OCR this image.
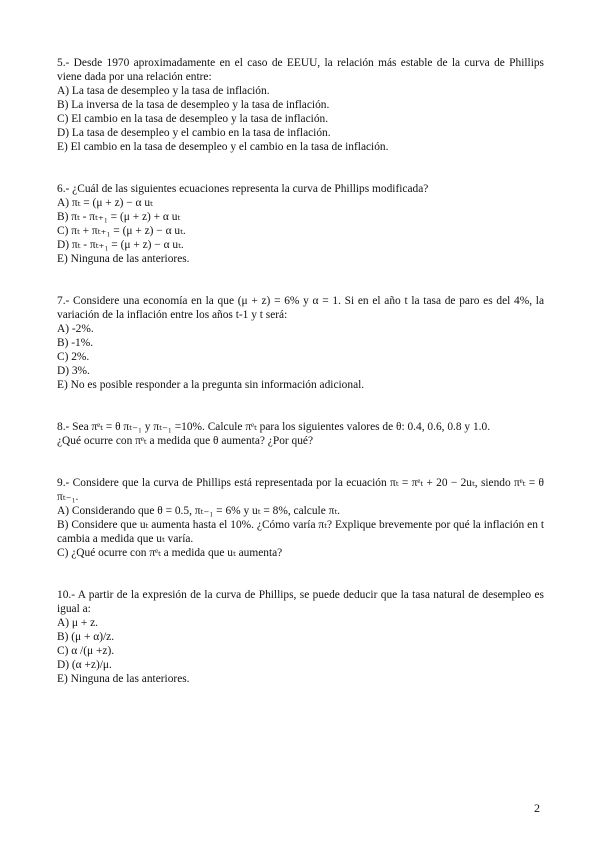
5.- Desde 1970 aproximadamente en el caso de EEUU, la relación más estable de la curva de Phillips viene dada por una relación entre:

A) La tasa de desempleo y la tasa de inflación.
B) La inversa de la tasa de desempleo y la tasa de inflación.
C) El cambio en la tasa de desempleo y la tasa de inflación.
D) La tasa de desempleo y el cambio en la tasa de inflación.
E) El cambio en la tasa de desempleo y el cambio en la tasa de inflación.

6.- ¿Cuál de las siguientes ecuaciones representa la curva de Phillips modificada?

A) πₜ = (μ + z) − α uₜ
B) πₜ - πₜ₊₁ = (μ + z) + α uₜ
C) πₜ + πₜ₊₁ = (μ + z) − α uₜ.
D) πₜ - πₜ₊₁ = (μ + z) − α uₜ.
E) Ninguna de las anteriores.

7.- Considere una economía en la que (μ + z) = 6% y α = 1. Si en el año t la tasa de paro es del 4%, la variación de la inflación entre los años t-1 y t será:

A) -2%.
B) -1%.
C) 2%.
D) 3%.
E) No es posible responder a la pregunta sin información adicional.

8.- Sea πᵉₜ = θ πₜ₋₁ y πₜ₋₁ =10%. Calcule πᵉₜ para los siguientes valores de θ: 0.4, 0.6, 0.8 y 1.0.

¿Qué ocurre con πᵉₜ a medida que θ aumenta? ¿Por qué?

9.- Considere que la curva de Phillips está representada por la ecuación πₜ = πᵉₜ + 20 − 2uₜ, siendo πᵉₜ = θ πₜ₋₁.

A) Considerando que θ = 0.5, πₜ₋₁ = 6% y uₜ = 8%, calcule πₜ.

B) Considere que uₜ aumenta hasta el 10%. ¿Cómo varía πₜ? Explique brevemente por qué la inflación en t cambia a medida que uₜ varía.

C) ¿Qué ocurre con πᵉₜ a medida que uₜ aumenta?

10.- A partir de la expresión de la curva de Phillips, se puede deducir que la tasa natural de desempleo es igual a:

A) μ + z.
B) (μ + α)/z.
C) α /(μ +z).
D) (α +z)/μ.
E) Ninguna de las anteriores.
2
